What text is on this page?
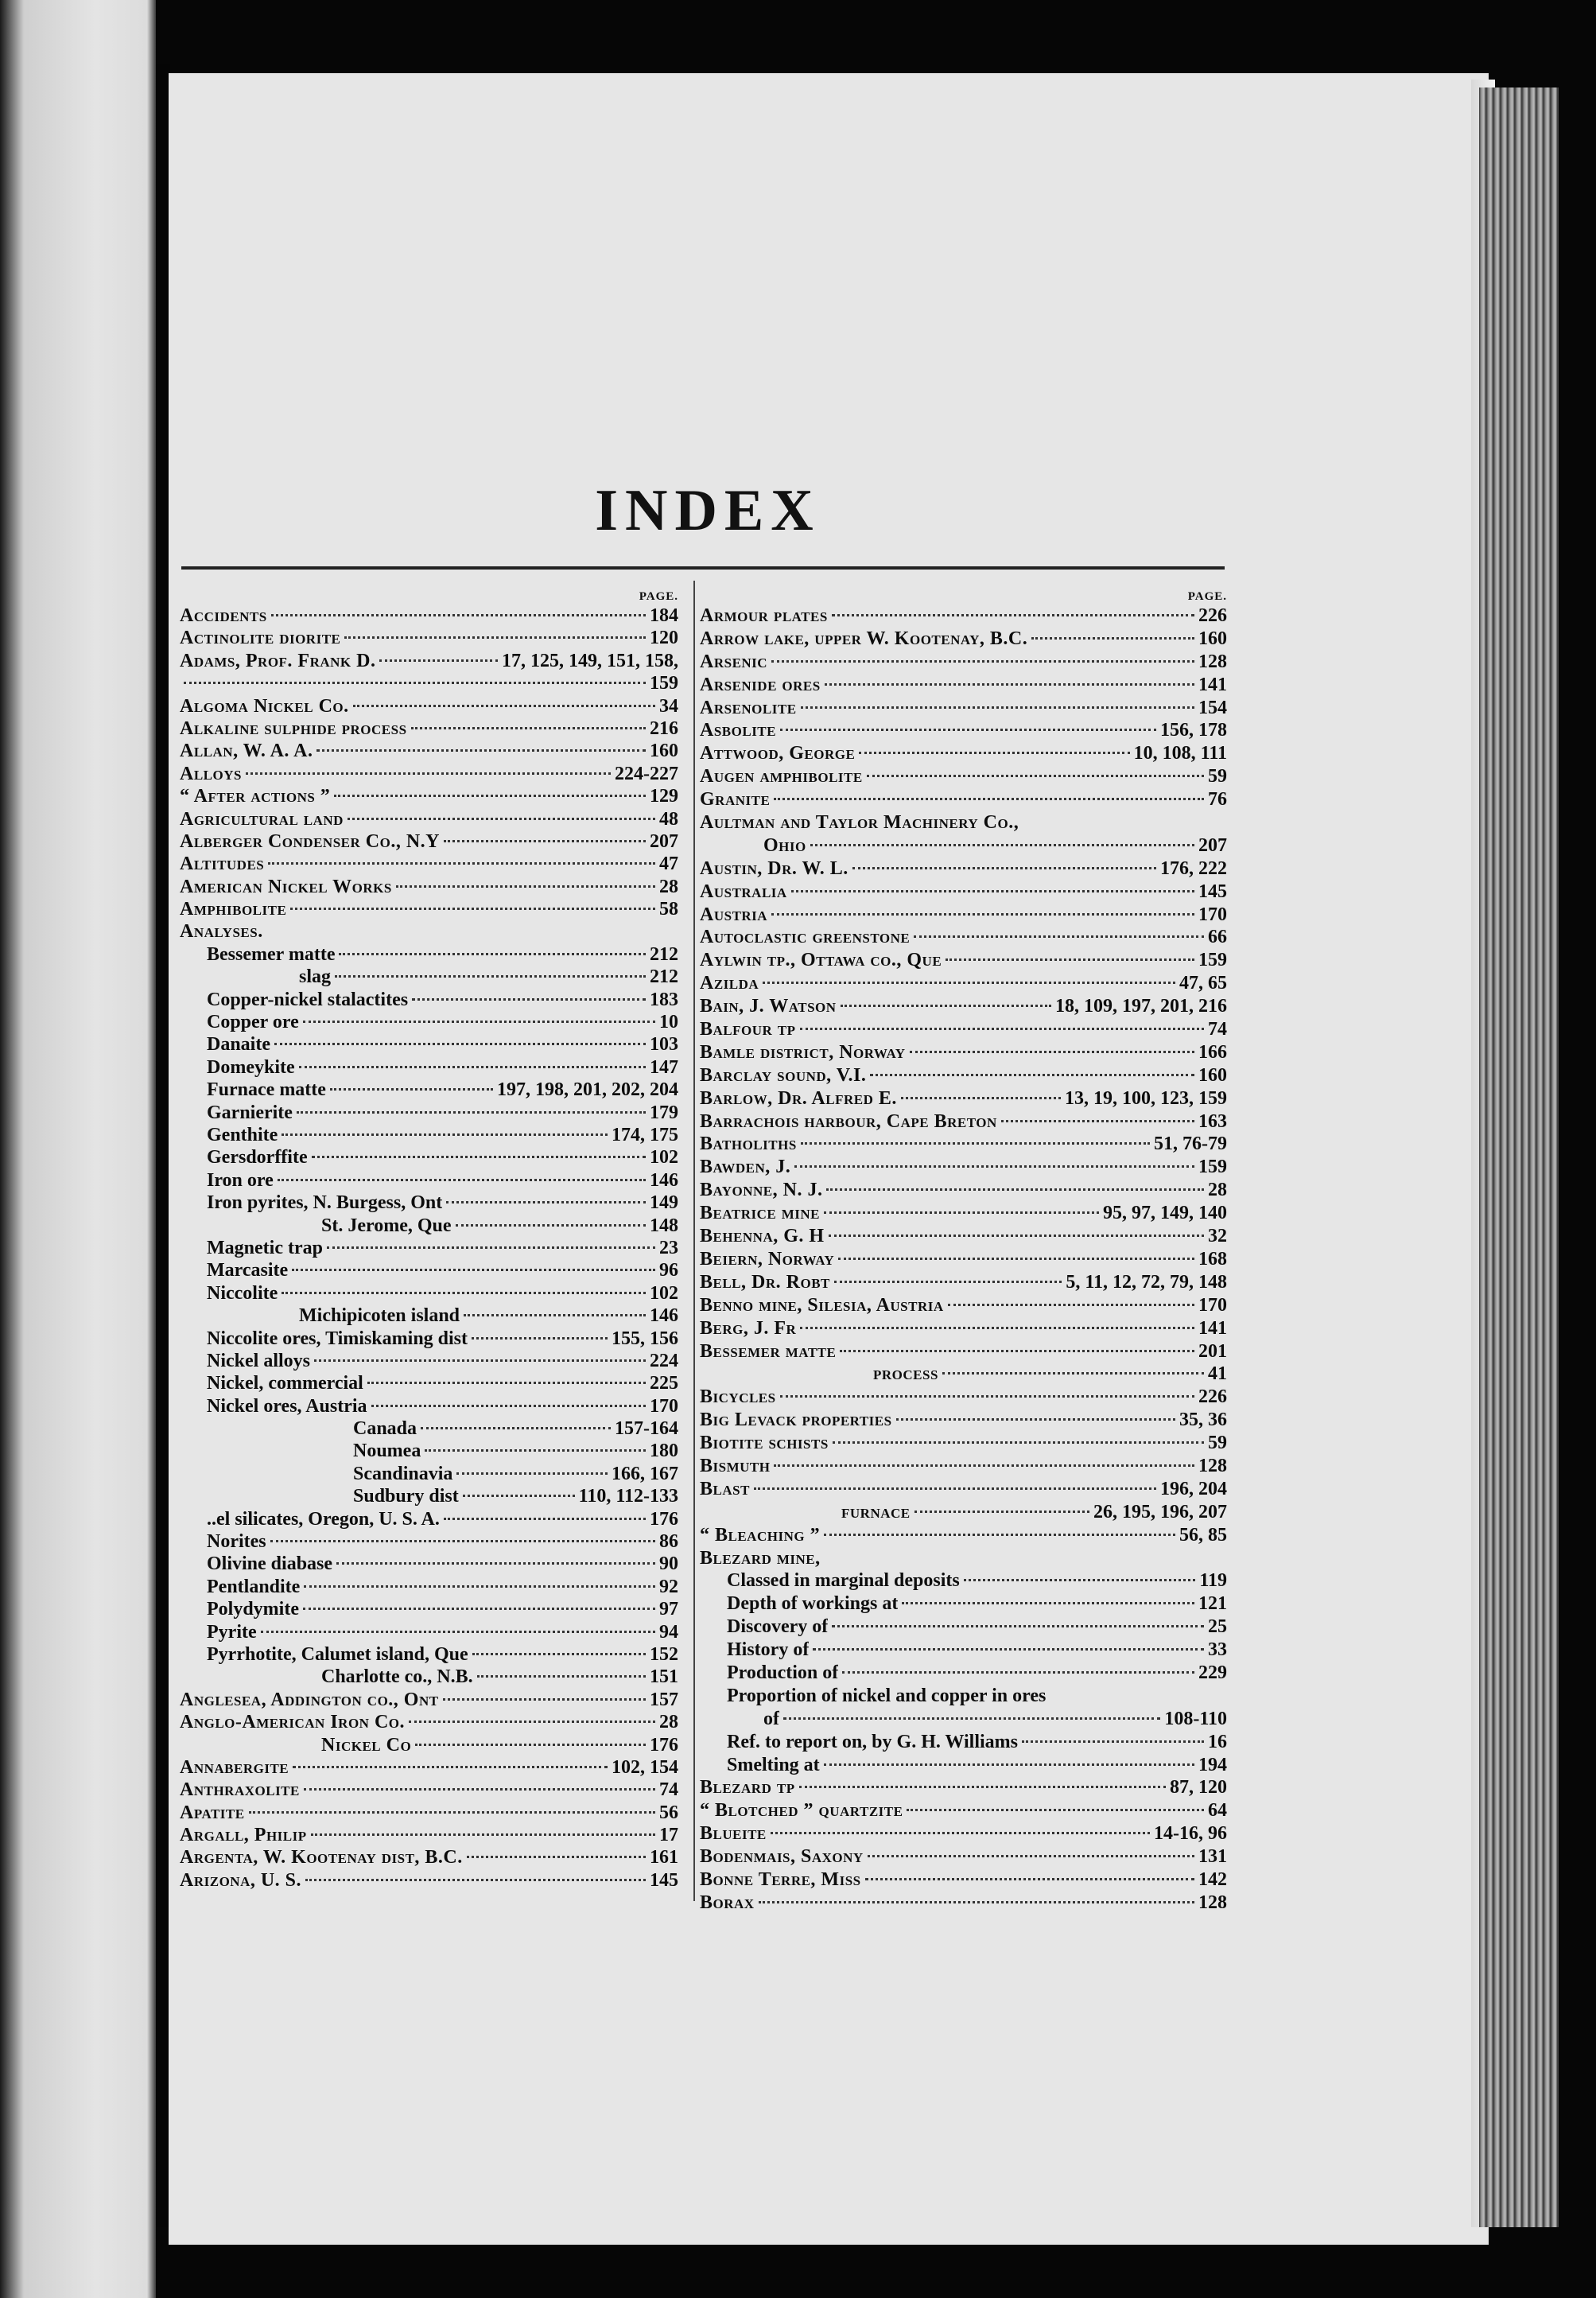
INDEX
PAGE.
Accidents	184
Actinolite diorite	120
Adams, Prof. Frank D.	17, 125, 149, 151, 158,
159
Algoma Nickel Co.	34
Alkaline sulphide process	216
Allan, W. A. A.	160
Alloys	224-227
“ After actions ”	129
Agricultural land	48
Alberger Condenser Co., N.Y	207
Altitudes	47
American Nickel Works	28
Amphibolite	58
Analyses.
Bessemer matte	212
slag	212
Copper-nickel stalactites	183
Copper ore	10
Danaite	103
Domeykite	147
Furnace matte	197, 198, 201, 202, 204
Garnierite	179
Genthite	174, 175
Gersdorffite	102
Iron ore	146
Iron pyrites, N. Burgess, Ont	149
St. Jerome, Que	148
Magnetic trap	23
Marcasite	96
Niccolite	102
Michipicoten island	146
Niccolite ores, Timiskaming dist	155, 156
Nickel alloys	224
Nickel, commercial	225
Nickel ores, Austria	170
Canada	157-164
Noumea	180
Scandinavia	166, 167
Sudbury dist	110, 112-133
..el silicates, Oregon, U. S. A.	176
Norites	86
Olivine diabase	90
Pentlandite	92
Polydymite	97
Pyrite	94
Pyrrhotite, Calumet island, Que	152
Charlotte co., N.B.	151
Anglesea, Addington co., Ont	157
Anglo-American Iron Co.	28
Nickel Co	176
Annabergite	102, 154
Anthraxolite	74
Apatite	56
Argall, Philip	17
Argenta, W. Kootenay dist, B.C.	161
Arizona, U. S.	145
PAGE.
Armour plates	226
Arrow lake, upper W. Kootenay, B.C.	160
Arsenic	128
Arsenide ores	141
Arsenolite	154
Asbolite	156, 178
Attwood, George	10, 108, 111
Augen amphibolite	59
Granite	76
Aultman and Taylor Machinery Co.,
Ohio	207
Austin, Dr. W. L.	176, 222
Australia	145
Austria	170
Autoclastic greenstone	66
Aylwin tp., Ottawa co., Que	159
Azilda	47, 65
Bain, J. Watson	18, 109, 197, 201, 216
Balfour tp	74
Bamle district, Norway	166
Barclay sound, V.I.	160
Barlow, Dr. Alfred E.	13, 19, 100, 123, 159
Barrachois harbour, Cape Breton	163
Batholiths	51, 76-79
Bawden, J.	159
Bayonne, N. J.	28
Beatrice mine	95, 97, 149, 140
Behenna, G. H	32
Beiern, Norway	168
Bell, Dr. Robt	5, 11, 12, 72, 79, 148
Benno mine, Silesia, Austria	170
Berg, J. Fr	141
Bessemer matte	201
process	41
Bicycles	226
Big Levack properties	35, 36
Biotite schists	59
Bismuth	128
Blast	196, 204
furnace	26, 195, 196, 207
“ Bleaching ”	56, 85
Blezard mine,
Classed in marginal deposits	119
Depth of workings at	121
Discovery of	25
History of	33
Production of	229
Proportion of nickel and copper in ores
of	108-110
Ref. to report on, by G. H. Williams	16
Smelting at	194
Blezard tp	87, 120
“ Blotched ” quartzite	64
Blueite	14-16, 96
Bodenmais, Saxony	131
Bonne Terre, Miss	142
Borax	128
